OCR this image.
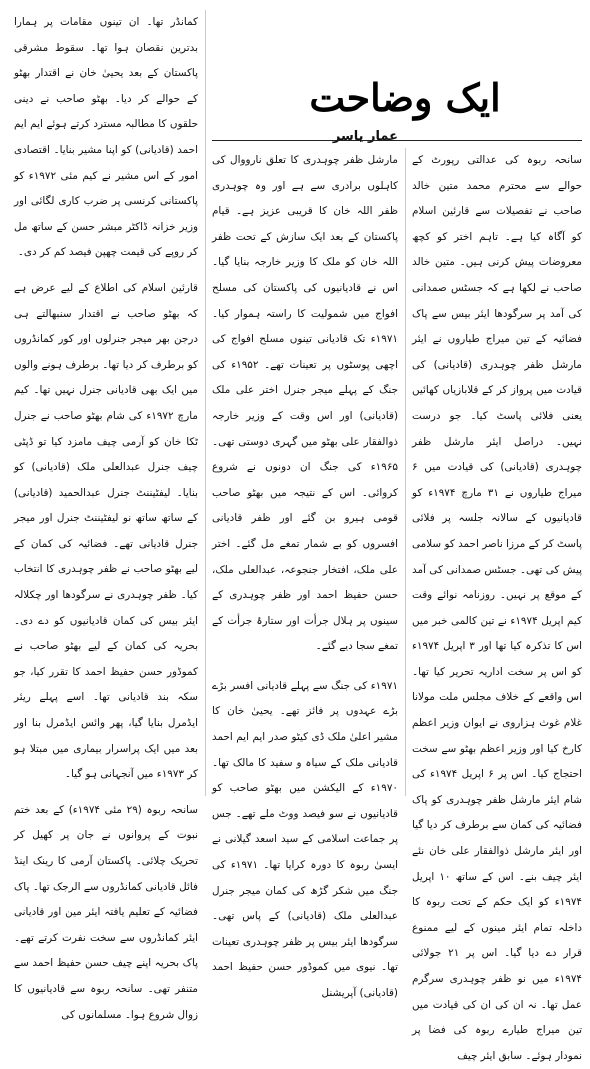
ایک وضاحت
عمار یاسر

سانحہ ربوہ کی عدالتی رپورٹ کے حوالے سے محترم محمد متین خالد صاحب نے تفصیلات سے قارئین اسلام کو آگاہ کیا ہے۔ تاہم اختر کو کچھ معروضات پیش کرنی ہیں۔ متین خالد صاحب نے لکھا ہے کہ جسٹس صمدانی کی آمد پر سرگودھا ایئر بیس سے پاک فضائیہ کے تین میراج طیاروں نے ایئر مارشل ظفر چوہدری (قادیانی) کی قیادت میں پرواز کر کے قلابازیاں کھائیں یعنی فلائی پاسٹ کیا۔ جو درست نہیں۔ دراصل ایئر مارشل ظفر چوہدری (قادیانی) کی قیادت میں ۶ میراج طیاروں نے ۳۱ مارچ ۱۹۷۴ء کو قادیانیوں کے سالانہ جلسہ پر فلائی پاسٹ کر کے مرزا ناصر احمد کو سلامی پیش کی تھی۔ جسٹس صمدانی کی آمد کے موقع پر نہیں۔ روزنامہ نوائے وقت کیم اپریل ۱۹۷۴ء نے تین کالمی خبر میں اس کا تذکرہ کیا تھا اور ۳ اپریل ۱۹۷۴ء کو اس پر سخت اداریہ تحریر کیا تھا۔ اس واقعے کے خلاف مجلس ملت مولانا غلام غوث ہزاروی نے ایوان وزیر اعظم کارخ کیا اور وزیر اعظم بھٹو سے سخت احتجاج کیا۔ اس پر ۶ اپریل ۱۹۷۴ء کی شام ایئر مارشل ظفر چوہدری کو پاک فضائیہ کی کمان سے برطرف کر دیا گیا اور ایئر مارشل ذوالفقار علی خان نئے ایئر چیف بنے۔ اس کے ساتھ ۱۰ اپریل ۱۹۷۴ء کو ایک حکم کے تحت ربوہ کا داخلہ تمام ایئر مینوں کے لیے ممنوع قرار دے دیا گیا۔ اس پر ۲۱ جولائی ۱۹۷۴ء میں نو ظفر چوہدری سرگرم عمل تھا۔ نہ ان کی ان کی قیادت میں تین میراج طیارے ربوہ کی فضا پر نمودار ہوئے۔ سابق ایئر چیف

مارشل ظفر چوہدری کا تعلق نارووال کی کاہلوں برادری سے ہے اور وہ چوہدری ظفر اللہ خان کا قریبی عزیز ہے۔ قیام پاکستان کے بعد ایک سازش کے تحت ظفر اللہ خان کو ملک کا وزیر خارجہ بنایا گیا۔ اس نے قادیانیوں کی پاکستان کی مسلح افواج میں شمولیت کا راستہ ہموار کیا۔ ۱۹۷۱ء تک قادیانی تینوں مسلح افواج کی اچھی پوسٹوں پر تعینات تھے۔ ۱۹۵۲ء کی جنگ کے پہلے میجر جنرل اختر علی ملک (قادیانی) اور اس وقت کے وزیر خارجہ ذوالفقار علی بھٹو میں گہری دوستی تھی۔ ۱۹۶۵ء کی جنگ ان دونوں نے شروع کروائی۔ اس کے نتیجہ میں بھٹو صاحب قومی ہیرو بن گئے اور ظفر قادیانی افسروں کو بے شمار تمغے مل گئے۔ اختر علی ملک، افتخار جنجوعہ، عبدالعلی ملک، حسن حفیظ احمد اور ظفر چوہدری کے سینوں پر ہلال جرأت اور ستارۂ جرأت کے تمغے سجا دیے گئے۔

۱۹۷۱ء کی جنگ سے پہلے قادیانی افسر بڑے بڑے عہدوں پر فائز تھے۔ یحییٰ خان کا مشیر اعلیٰ ملک ڈی کیٹو صدر ایم ایم احمد قادیانی ملک کے سیاہ و سفید کا مالک تھا۔ ۱۹۷۰ء کے الیکشن میں بھٹو صاحب کو قادیانیوں نے سو فیصد ووٹ ملے تھے۔ جس پر جماعت اسلامی کے سید اسعد گیلانی نے ایسیٰ ربوہ کا دورہ کرایا تھا۔ ۱۹۷۱ء کی جنگ میں شکر گڑھ کی کمان میجر جنرل عبدالعلی ملک (قادیانی) کے پاس تھی۔ سرگودھا ایئر بیس پر ظفر چوہدری تعینات تھا۔ نیوی میں کموڈور حسن حفیظ احمد (قادیانی) آپریشنل

کمانڈر تھا۔ ان تینوں مقامات پر ہمارا بدترین نقصان ہوا تھا۔ سقوط مشرقی پاکستان کے بعد یحییٰ خان نے اقتدار بھٹو کے حوالے کر دیا۔ بھٹو صاحب نے دینی حلقوں کا مطالبہ مسترد کرتے ہوئے ایم ایم احمد (قادیانی) کو اپنا مشیر بنایا۔ اقتصادی امور کے اس مشیر نے کیم مئی ۱۹۷۲ء کو پاکستانی کرنسی پر ضرب کاری لگائی اور وزیر خزانہ ڈاکٹر مبشر حسن کے ساتھ مل کر روپے کی قیمت چھپن فیصد کم کر دی۔

قارئین اسلام کی اطلاع کے لیے عرض ہے کہ بھٹو صاحب نے اقتدار سنبھالتے ہی درجن بھر میجر جنرلوں اور کور کمانڈروں کو برطرف کر دیا تھا۔ برطرف ہونے والوں میں ایک بھی قادیانی جنرل نہیں تھا۔ کیم مارچ ۱۹۷۲ء کی شام بھٹو صاحب نے جنرل ٹکا خان کو آرمی چیف مامزد کیا تو ڈپٹی چیف جنرل عبدالعلی ملک (قادیانی) کو بنایا۔ لیفٹیننٹ جنرل عبدالحمید (قادیانی) کے ساتھ ساتھ نو لیفٹیننٹ جنرل اور میجر جنرل قادیانی تھے۔ فضائیہ کی کمان کے لیے بھٹو صاحب نے ظفر چوہدری کا انتخاب کیا۔ ظفر چوہدری نے سرگودھا اور چکلالہ ایئر بیس کی کمان قادیانیوں کو دے دی۔ بحریہ کی کمان کے لیے بھٹو صاحب نے کموڈور حسن حفیظ احمد کا تقرر کیا، جو سکہ بند قادیانی تھا۔ اسے پہلے ریئر ایڈمرل بنایا گیا، پھر وائس ایڈمرل بنا اور بعد میں ایک پراسرار بیماری میں مبتلا ہو کر ۱۹۷۳ء میں آنجہانی ہو گیا۔

سانحہ ربوہ (۲۹ مئی ۱۹۷۴ء) کے بعد ختم نبوت کے پروانوں نے جان پر کھیل کر تحریک چلائی۔ پاکستان آرمی کا رینک اینڈ فائل قادیانی کمانڈروں سے الرجک تھا۔ پاک فضائیہ کے تعلیم یافتہ ایئر مین اور قادیانی ایئر کمانڈروں سے سخت نفرت کرتے تھے۔ پاک بحریہ اپنے چیف حسن حفیظ احمد سے متنفر تھی۔ سانحہ ربوہ سے قادیانیوں کا زوال شروع ہوا۔ مسلمانوں کی
